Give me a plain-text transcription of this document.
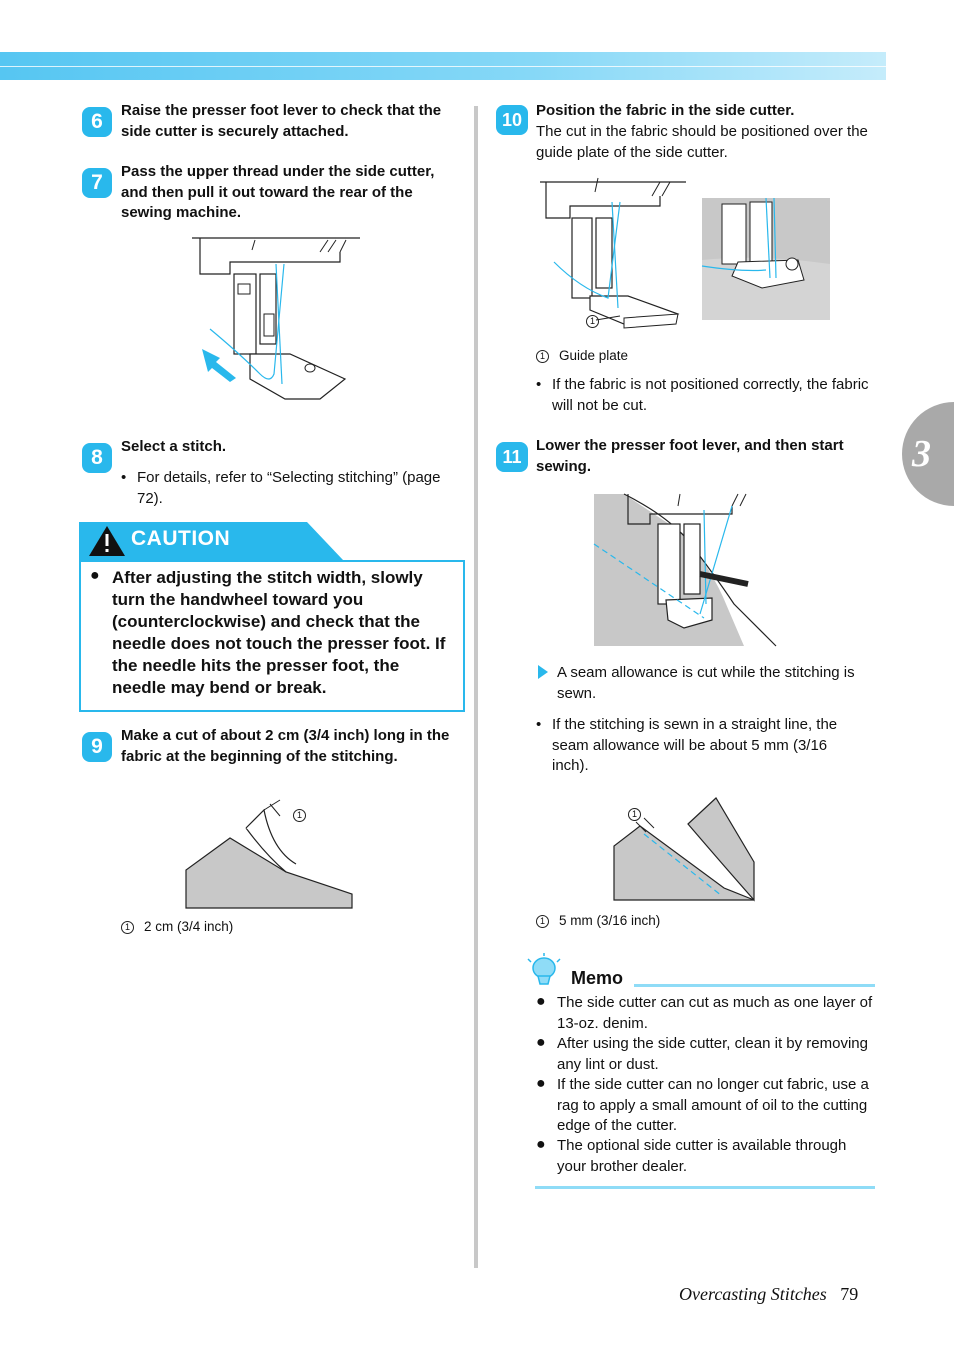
3
6	Raise the presser foot lever to check that the side cutter is securely attached.
7	Pass the upper thread under the side cutter, and then pull it out toward the rear of the sewing machine.
8	Select a stitch.
• For details, refer to “Selecting stitching” (page 72).
CAUTION
● After adjusting the stitch width, slowly turn the handwheel toward you (counterclockwise) and check that the needle does not touch the presser foot. If the needle hits the presser foot, the needle may bend or break.
9	Make a cut of about 2 cm (3/4 inch) long in the fabric at the beginning of the stitching.
1
1 2 cm (3/4 inch)
10 Position the fabric in the side cutter.
The cut in the fabric should be positioned over the guide plate of the side cutter.
1
1 Guide plate
• If the fabric is not positioned correctly, the fabric will not be cut.
11
Lower the presser foot lever, and then start sewing.
A seam allowance is cut while the stitching is sewn.
• If the stitching is sewn in a straight line, the seam allowance will be about 5 mm (3/16 inch).
1
1 5 mm (3/16 inch)
Memo
● The side cutter can cut as much as one layer of 13-oz. denim.
● After using the side cutter, clean it by removing any lint or dust.
● If the side cutter can no longer cut fabric, use a rag to apply a small amount of oil to the cutting edge of the cutter.
● The optional side cutter is available through your brother dealer.
Overcasting Stitches 79
